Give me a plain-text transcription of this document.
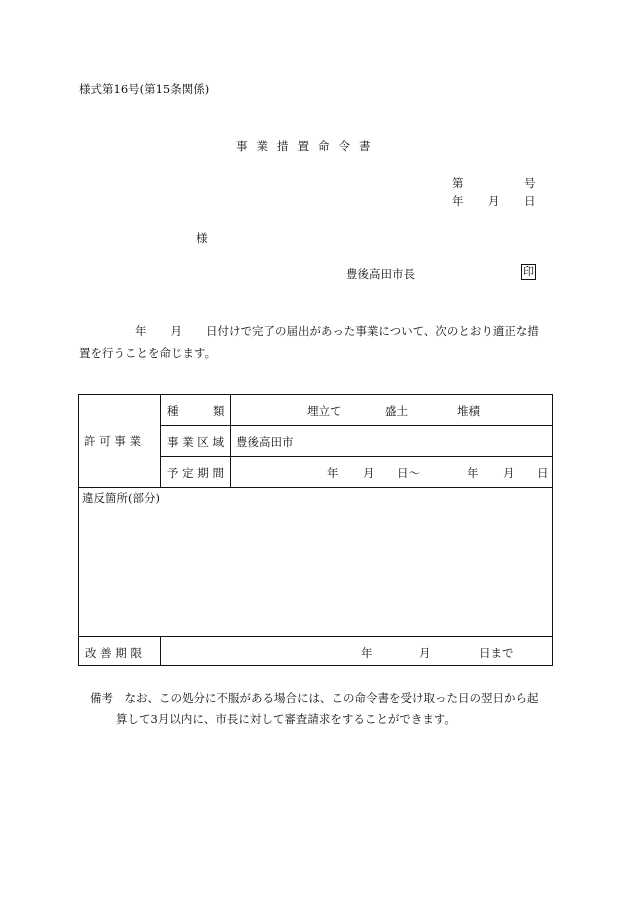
様式第16号(第15条関係)
事業措置命令書
第	号
年 月 日
様
豊後高田市長	印
年 月 日付けで完了の届出があった事業について、次のとおり適正な措
置を行うことを命じます。
許 可 事 業
種　　　類	埋立て	盛土	堆積
事 業 区 域 豊後高田市
予 定 期 間	年 月 日〜	年 月 日
違反箇所(部分)
改 善 期 限	年	月	日まで
備考　なお、この処分に不服がある場合には、この命令書を受け取った日の翌日から起
算して3月以内に、市長に対して審査請求をすることができます。
